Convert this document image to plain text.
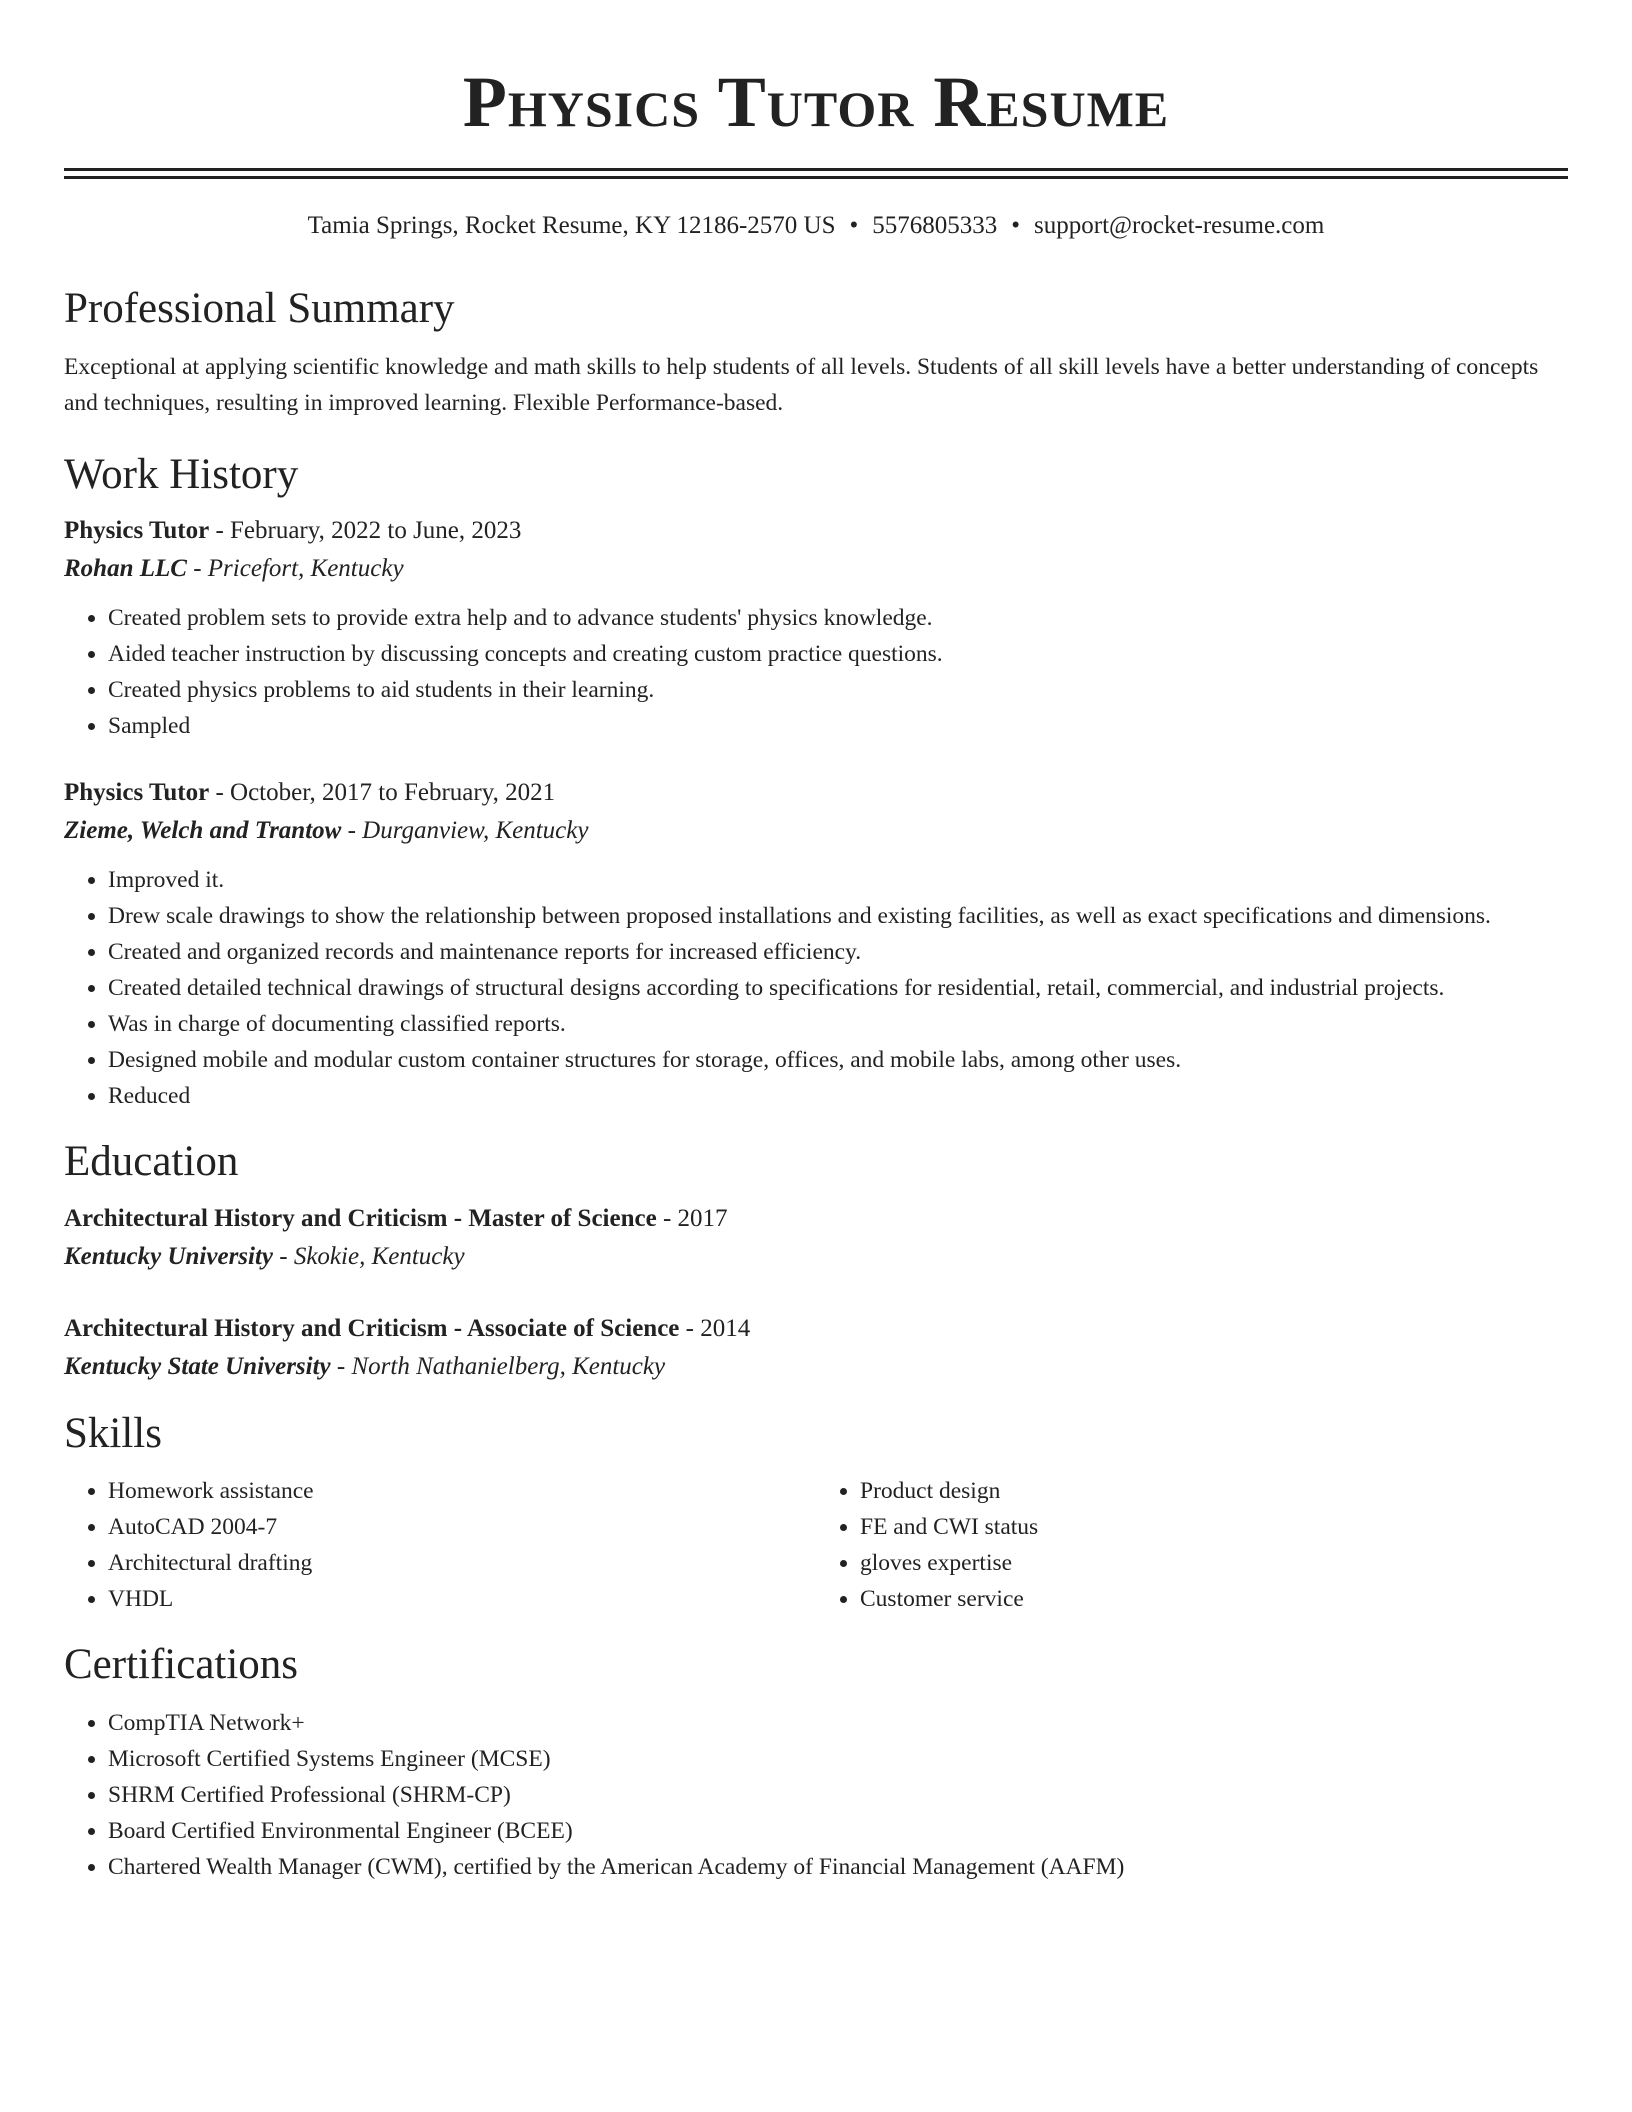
Physics Tutor Resume
Tamia Springs, Rocket Resume, KY 12186-2570 US • 5576805333 • support@rocket-resume.com
Professional Summary

Exceptional at applying scientific knowledge and math skills to help students of all levels. Students of all skill levels have a better understanding of concepts and techniques, resulting in improved learning. Flexible Performance-based.

Work History
Physics Tutor - February, 2022 to June, 2023
Rohan LLC - Pricefort, Kentucky
• Created problem sets to provide extra help and to advance students' physics knowledge.
• Aided teacher instruction by discussing concepts and creating custom practice questions.
• Created physics problems to aid students in their learning.
• Sampled
Physics Tutor - October, 2017 to February, 2021
Zieme, Welch and Trantow - Durganview, Kentucky
• Improved it.
• Drew scale drawings to show the relationship between proposed installations and existing facilities, as well as exact specifications and dimensions.
• Created and organized records and maintenance reports for increased efficiency.
• Created detailed technical drawings of structural designs according to specifications for residential, retail, commercial, and industrial projects.
• Was in charge of documenting classified reports.
• Designed mobile and modular custom container structures for storage, offices, and mobile labs, among other uses.
• Reduced
Education
Architectural History and Criticism - Master of Science - 2017
Kentucky University - Skokie, Kentucky
Architectural History and Criticism - Associate of Science - 2014
Kentucky State University - North Nathanielberg, Kentucky
Skills
• Homework assistance
• AutoCAD 2004-7
• Architectural drafting
• VHDL
• Product design
• FE and CWI status
• gloves expertise
• Customer service
Certifications
• CompTIA Network+
• Microsoft Certified Systems Engineer (MCSE)
• SHRM Certified Professional (SHRM-CP)
• Board Certified Environmental Engineer (BCEE)
• Chartered Wealth Manager (CWM), certified by the American Academy of Financial Management (AAFM)
